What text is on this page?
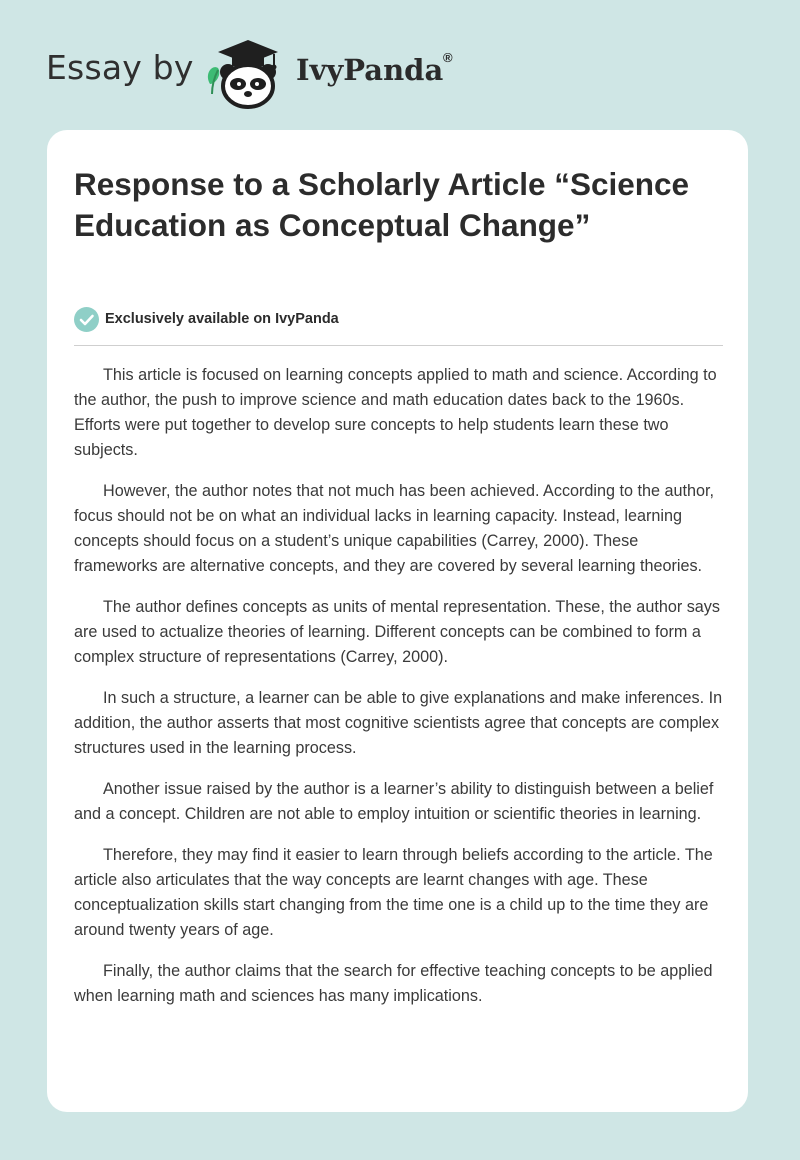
Essay by	IvyPanda ®
Response to a Scholarly Article “Science Education as Conceptual Change”
Exclusively available on IvyPanda

This article is focused on learning concepts applied to math and science. According to the author, the push to improve science and math education dates back to the 1960s. Efforts were put together to develop sure concepts to help students learn these two subjects.

However, the author notes that not much has been achieved. According to the author, focus should not be on what an individual lacks in learning capacity. Instead, learning concepts should focus on a student’s unique capabilities (Carrey, 2000). These frameworks are alternative concepts, and they are covered by several learning theories.

The author defines concepts as units of mental representation. These, the author says are used to actualize theories of learning. Different concepts can be combined to form a complex structure of representations (Carrey, 2000).

In such a structure, a learner can be able to give explanations and make inferences. In addition, the author asserts that most cognitive scientists agree that concepts are complex structures used in the learning process.

Another issue raised by the author is a learner’s ability to distinguish between a belief and a concept. Children are not able to employ intuition or scientific theories in learning.

Therefore, they may find it easier to learn through beliefs according to the article. The article also articulates that the way concepts are learnt changes with age. These conceptualization skills start changing from the time one is a child up to the time they are around twenty years of age.

Finally, the author claims that the search for effective teaching concepts to be applied when learning math and sciences has many implications.
